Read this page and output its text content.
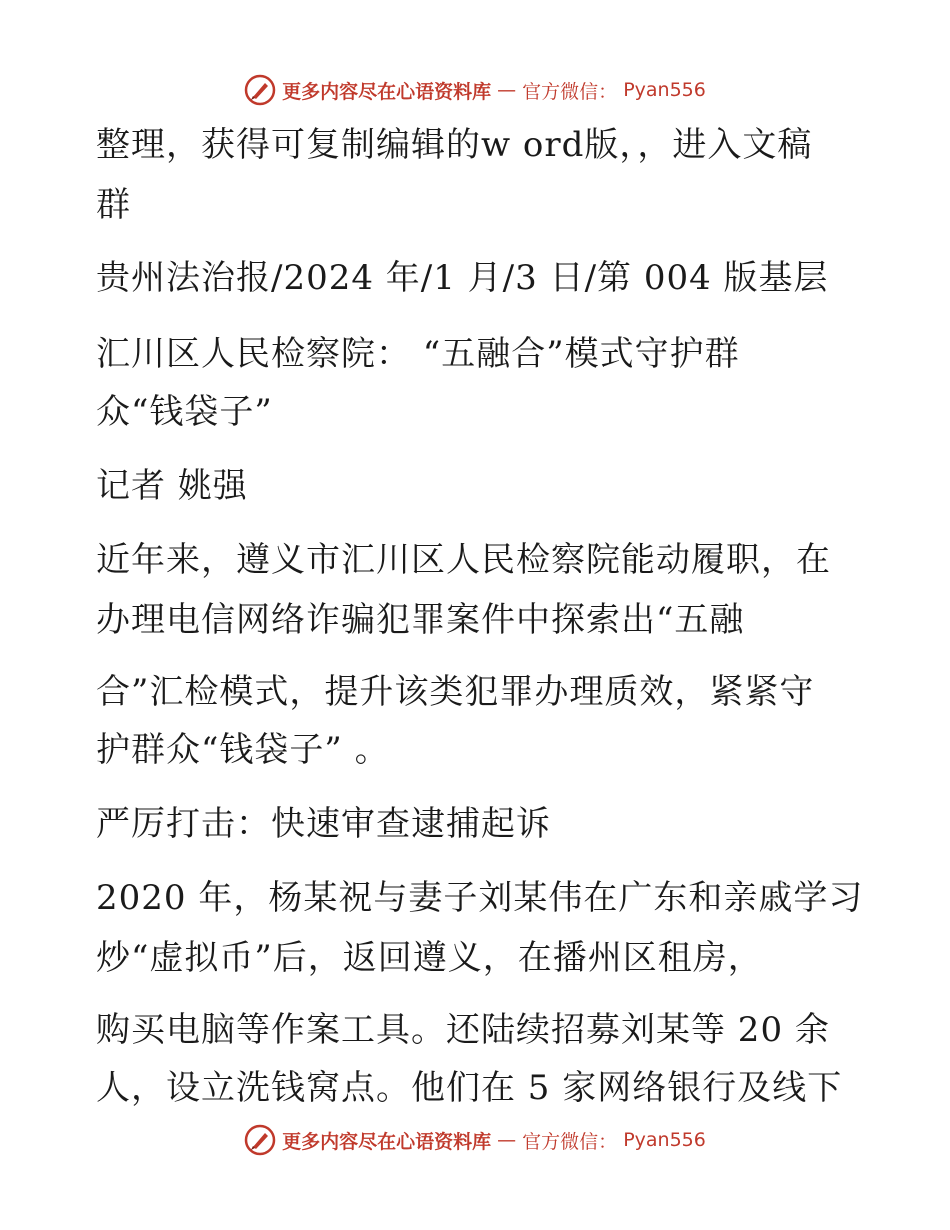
更多内容尽在心语资料库 — 官方微信： Pyan556
整理，获得可复制编辑的w ord版，，进入文稿
群
贵州法治报/2024 年/1 月/3 日/第 004 版基层
汇川区人民检察院： “五融合”模式守护群
众“钱袋子”
记者 姚强
近年来，遵义市汇川区人民检察院能动履职，在
办理电信网络诈骗犯罪案件中探索出“五融
合”汇检模式，提升该类犯罪办理质效，紧紧守
护群众“钱袋子” 。
严厉打击：快速审查逮捕起诉
2020 年，杨某祝与妻子刘某伟在广东和亲戚学习
炒“虚拟币”后，返回遵义，在播州区租房，
购买电脑等作案工具。还陆续招募刘某等 20 余
人，设立洗钱窝点。他们在 5 家网络银行及线下
更多内容尽在心语资料库 — 官方微信： Pyan556
